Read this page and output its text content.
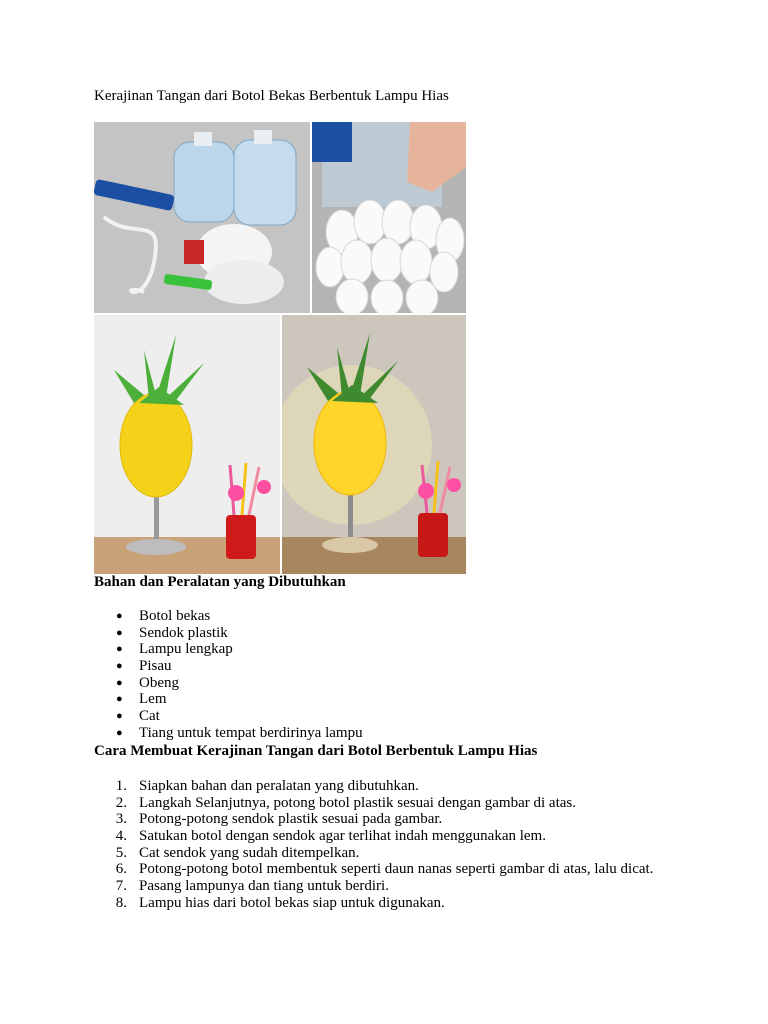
Kerajinan Tangan dari Botol Bekas Berbentuk Lampu Hias
Bahan dan Peralatan yang Dibutuhkan
● Botol bekas
● Sendok plastik
● Lampu lengkap
● Pisau
● Obeng
● Lem
● Cat
● Tiang untuk tempat berdirinya lampu
Cara Membuat Kerajinan Tangan dari Botol Berbentuk Lampu Hias
1. Siapkan bahan dan peralatan yang dibutuhkan.
2. Langkah Selanjutnya, potong botol plastik sesuai dengan gambar di atas.
3. Potong-potong sendok plastik sesuai pada gambar.
4. Satukan botol dengan sendok agar terlihat indah menggunakan lem.
5. Cat sendok yang sudah ditempelkan.
6. Potong-potong botol membentuk seperti daun nanas seperti gambar di atas, lalu dicat.
7. Pasang lampunya dan tiang untuk berdiri.
8. Lampu hias dari botol bekas siap untuk digunakan.
